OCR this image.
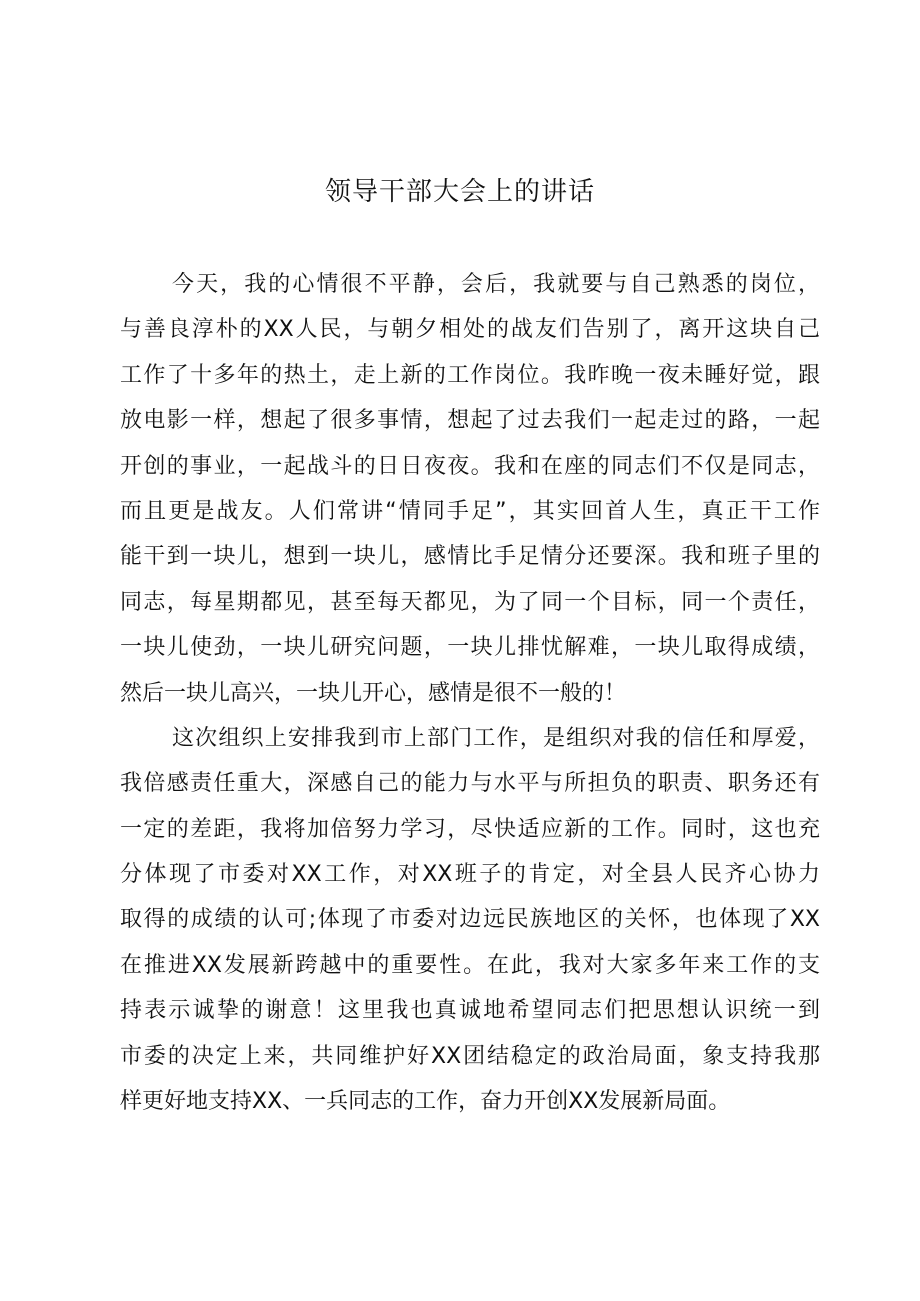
领导干部大会上的讲话
今天，我的心情很不平静，会后，我就要与自己熟悉的岗位，
与善良淳朴的XX人民，与朝夕相处的战友们告别了，离开这块自己
工作了十多年的热土，走上新的工作岗位。我昨晚一夜未睡好觉，跟
放电影一样，想起了很多事情，想起了过去我们一起走过的路，一起
开创的事业，一起战斗的日日夜夜。我和在座的同志们不仅是同志，
而且更是战友。人们常讲“情同手足”，其实回首人生，真正干工作
能干到一块儿，想到一块儿，感情比手足情分还要深。我和班子里的
同志，每星期都见，甚至每天都见，为了同一个目标，同一个责任，
一块儿使劲，一块儿研究问题，一块儿排忧解难，一块儿取得成绩，
然后一块儿高兴，一块儿开心，感情是很不一般的！
这次组织上安排我到市上部门工作，是组织对我的信任和厚爱，
我倍感责任重大，深感自己的能力与水平与所担负的职责、职务还有
一定的差距，我将加倍努力学习，尽快适应新的工作。同时，这也充
分体现了市委对XX工作，对XX班子的肯定，对全县人民齐心协力
取得的成绩的认可;体现了市委对边远民族地区的关怀，也体现了XX
在推进XX发展新跨越中的重要性。在此，我对大家多年来工作的支
持表示诚挚的谢意！这里我也真诚地希望同志们把思想认识统一到
市委的决定上来，共同维护好XX团结稳定的政治局面，象支持我那
样更好地支持XX、一兵同志的工作，奋力开创XX发展新局面。
